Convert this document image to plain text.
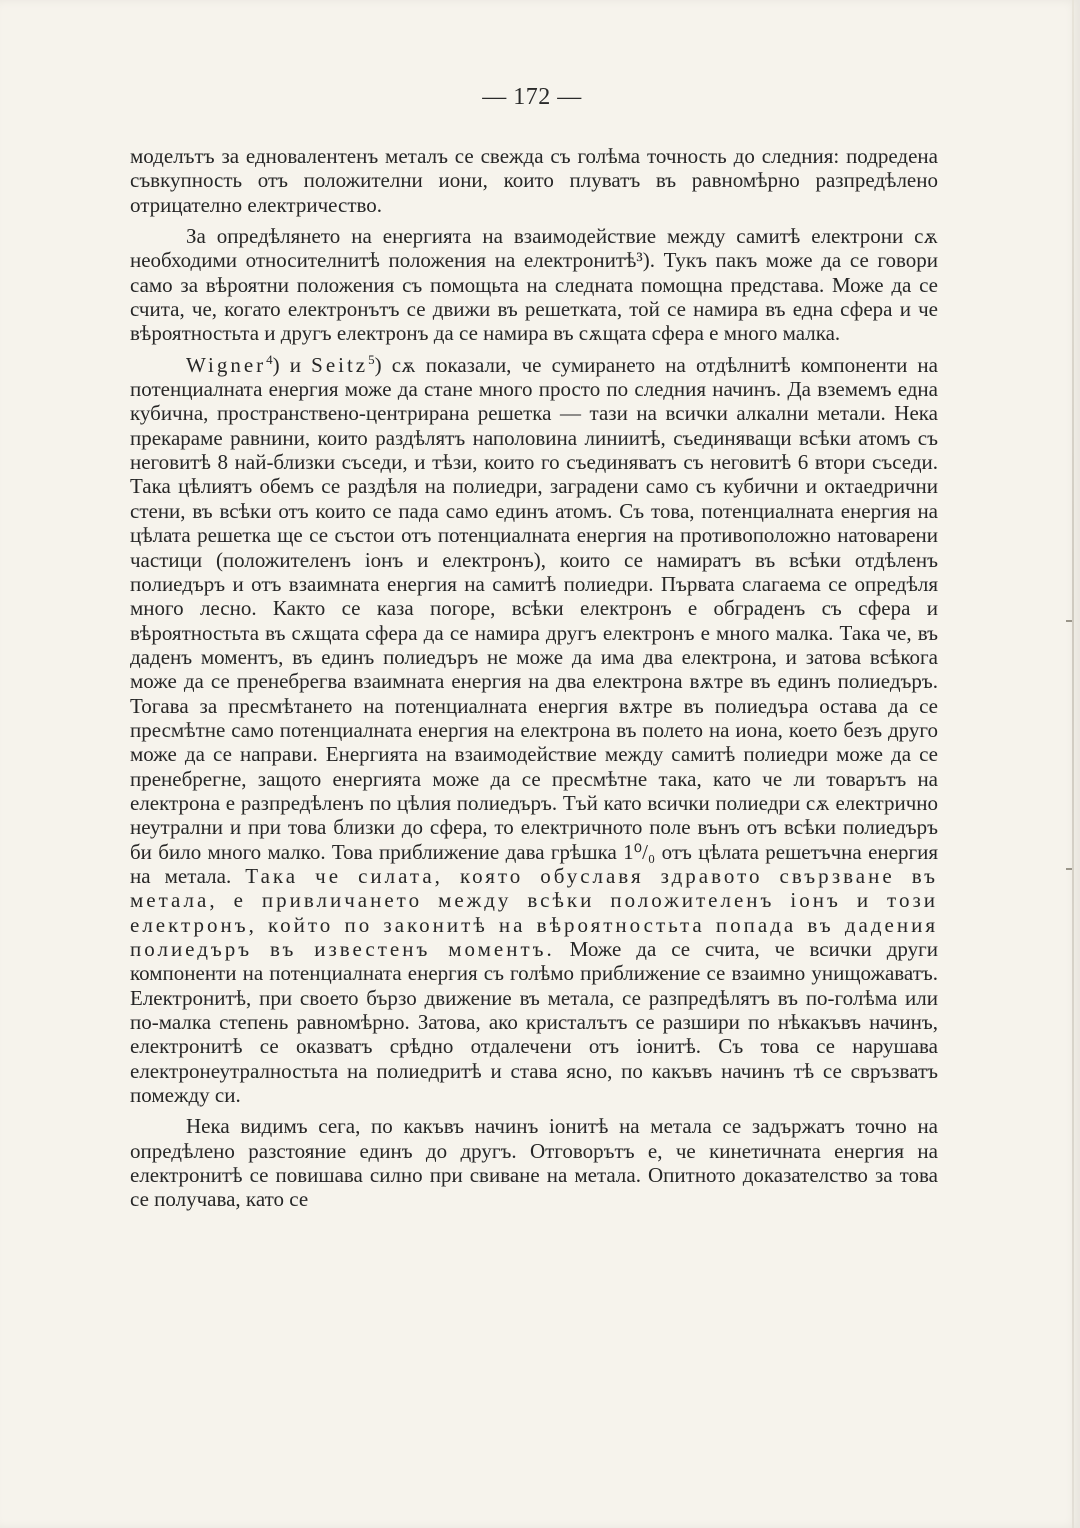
— 172 —

моделътъ за едновалентенъ металъ се свежда съ голѣма точность до следния: подредена съвкупность отъ положителни иони, които плуватъ въ равномѣрно разпредѣлено отрицателно електричество.

За опредѣлянето на енергията на взаимодействие между самитѣ електрони сѫ необходими относителнитѣ положения на електронитѣ³). Тукъ пакъ може да се говори само за вѣроятни положения съ помощьта на следната помощна представа. Може да се счита, че, когато електронътъ се движи въ решетката, той се намира въ една сфера и че вѣроятностьта и другъ електронъ да се намира въ сѫщата сфера е много малка.

Wigner$^4$) и Seitz$^5$) сѫ показали, че сумирането на отдѣлнитѣ компоненти на потенциалната енергия може да стане много просто по следния начинъ. Да вземемъ една кубична, пространствено-центрирана решетка — тази на всички алкални метали. Нека прекараме равнини, които раздѣлятъ наполовина линиитѣ, съединяващи всѣки атомъ съ неговитѣ 8 най-близки съседи, и тѣзи, които го съединяватъ съ неговитѣ 6 втори съседи. Така цѣлиятъ обемъ се раздѣля на полиедри, заградени само съ кубични и октаедрични стени, въ всѣки отъ които се пада само единъ атомъ. Съ това, потенциалната енергия на цѣлата решетка ще се състои отъ потенциалната енергия на противоположно натоварени частици (положителенъ іонъ и електронъ), които се намиратъ въ всѣки отдѣленъ полиедъръ и отъ взаимната енергия на самитѣ полиедри. Първата слагаема се опредѣля много лесно. Както се каза погоре, всѣки електронъ е обграденъ съ сфера и вѣроятностьта въ сѫщата сфера да се намира другъ електронъ е много малка. Така че, въ даденъ моментъ, въ единъ полиедъръ не може да има два електрона, и затова всѣкога може да се пренебрегва взаимната енергия на два електрона вѫтре въ единъ полиедъръ. Тогава за пресмѣтането на потенциалната енергия вѫтре въ полиедъра остава да се пресмѣтне само потенциалната енергия на електрона въ полето на иона, което безъ друго може да се направи. Енергията на взаимодействие между самитѣ полиедри може да се пренебрегне, защото енергията може да се пресмѣтне така, като че ли товарътъ на електрона е разпредѣленъ по цѣлия полиедъръ. Тъй като всички полиедри сѫ електрично неутрални и при това близки до сфера, то електричното поле вънъ отъ всѣки полиедъръ би било много малко. Това приближение дава грѣшка 1⁰/₀ отъ цѣлата решетъчна енергия на метала. Така че силата, която обуславя здравото свързване въ метала, е привличането между всѣки положителенъ іонъ и този електронъ, който по законитѣ на вѣроятностьта попада въ дадения полиедъръ въ известенъ моментъ. Може да се счита, че всички други компоненти на потенциалната енергия съ голѣмо приближение се взаимно унищожаватъ. Електронитѣ, при своето бързо движение въ метала, се разпредѣлятъ въ по-голѣма или по-малка степень равномѣрно. Затова, ако кристалътъ се разшири по нѣкакъвъ начинъ, електронитѣ се оказватъ срѣдно отдалечени отъ іонитѣ. Съ това се нарушава електронеутралностьта на полиедритѣ и става ясно, по какъвъ начинъ тѣ се свръзватъ помежду си.

Нека видимъ сега, по какъвъ начинъ іонитѣ на метала се задържатъ точно на опредѣлено разстояние единъ до другъ. Отговорътъ е, че кинетичната енергия на електронитѣ се повишава силно при свиване на метала. Опитното доказателство за това се получава, като се
